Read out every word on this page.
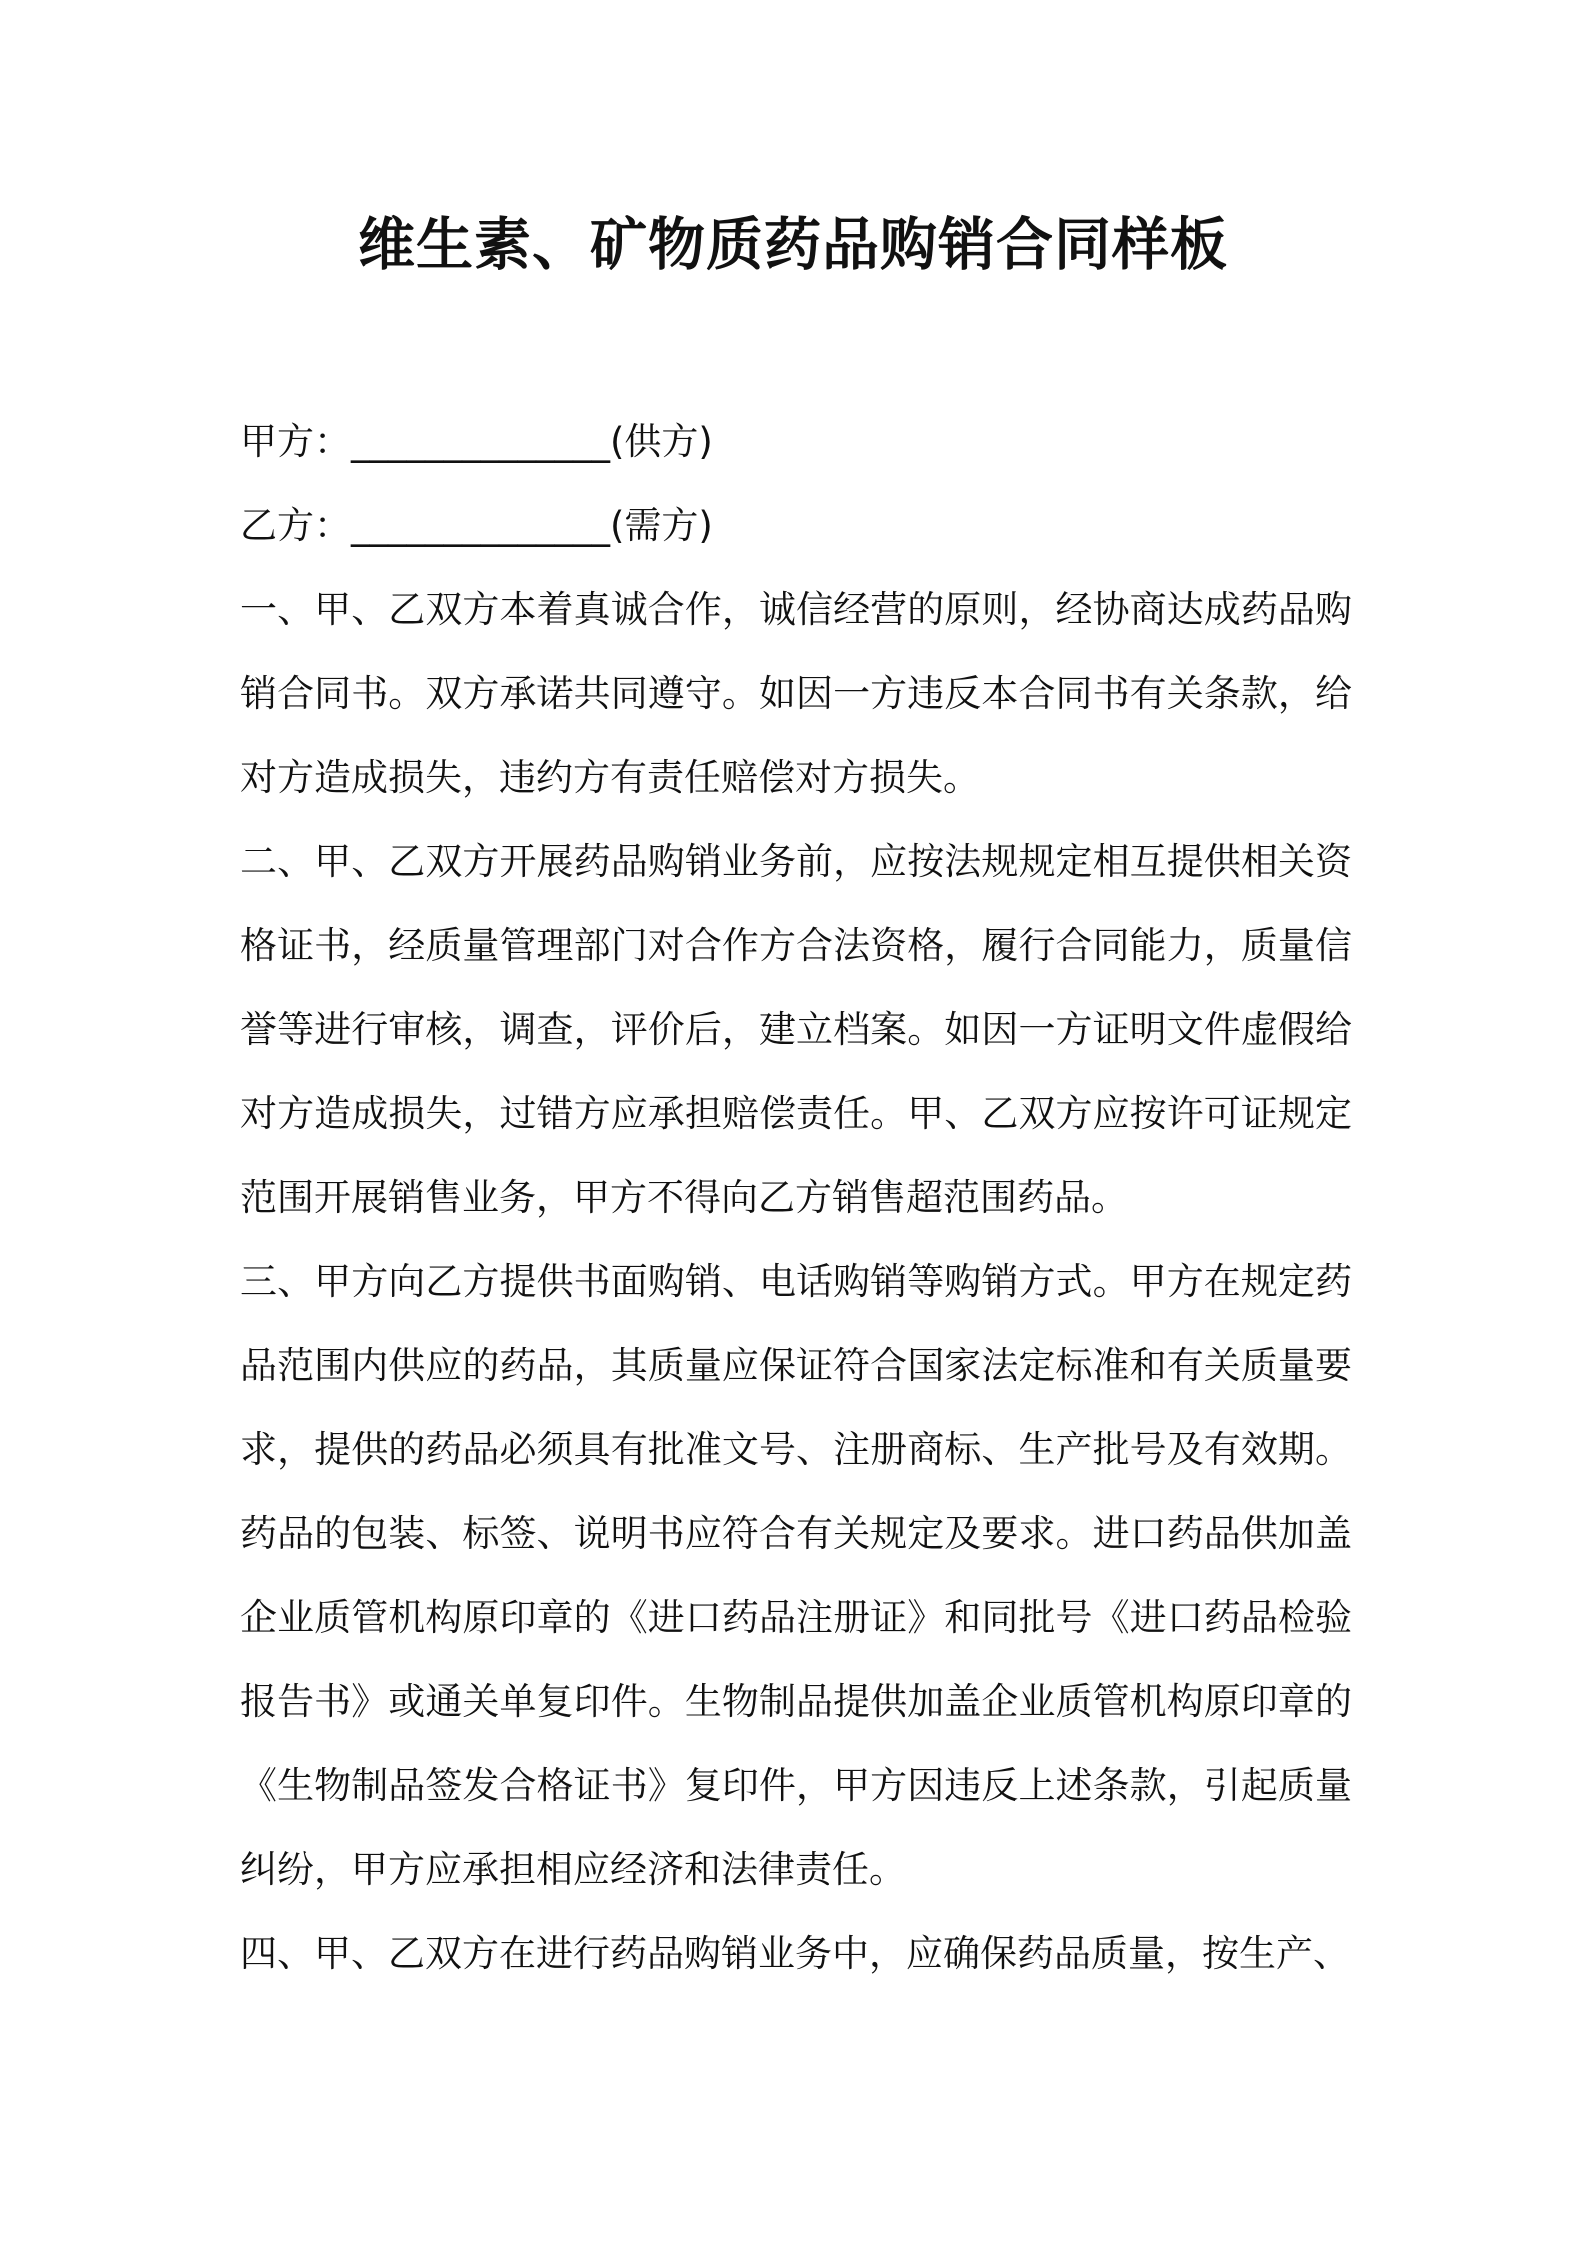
维生素、矿物质药品购销合同样板

甲方：______________(供方)

乙方：______________(需方)

一、甲、乙双方本着真诚合作，诚信经营的原则，经协商达成药品购销合同书。双方承诺共同遵守。如因一方违反本合同书有关条款，给对方造成损失，违约方有责任赔偿对方损失。

二、甲、乙双方开展药品购销业务前，应按法规规定相互提供相关资格证书，经质量管理部门对合作方合法资格，履行合同能力，质量信誉等进行审核，调查，评价后，建立档案。如因一方证明文件虚假给对方造成损失，过错方应承担赔偿责任。甲、乙双方应按许可证规定范围开展销售业务，甲方不得向乙方销售超范围药品。

三、甲方向乙方提供书面购销、电话购销等购销方式。甲方在规定药品范围内供应的药品，其质量应保证符合国家法定标准和有关质量要求，提供的药品必须具有批准文号、注册商标、生产批号及有效期。药品的包装、标签、说明书应符合有关规定及要求。进口药品供加盖企业质管机构原印章的《进口药品注册证》和同批号《进口药品检验报告书》或通关单复印件。生物制品提供加盖企业质管机构原印章的《生物制品签发合格证书》复印件，甲方因违反上述条款，引起质量纠纷，甲方应承担相应经济和法律责任。

四、甲、乙双方在进行药品购销业务中，应确保药品质量，按生产、
